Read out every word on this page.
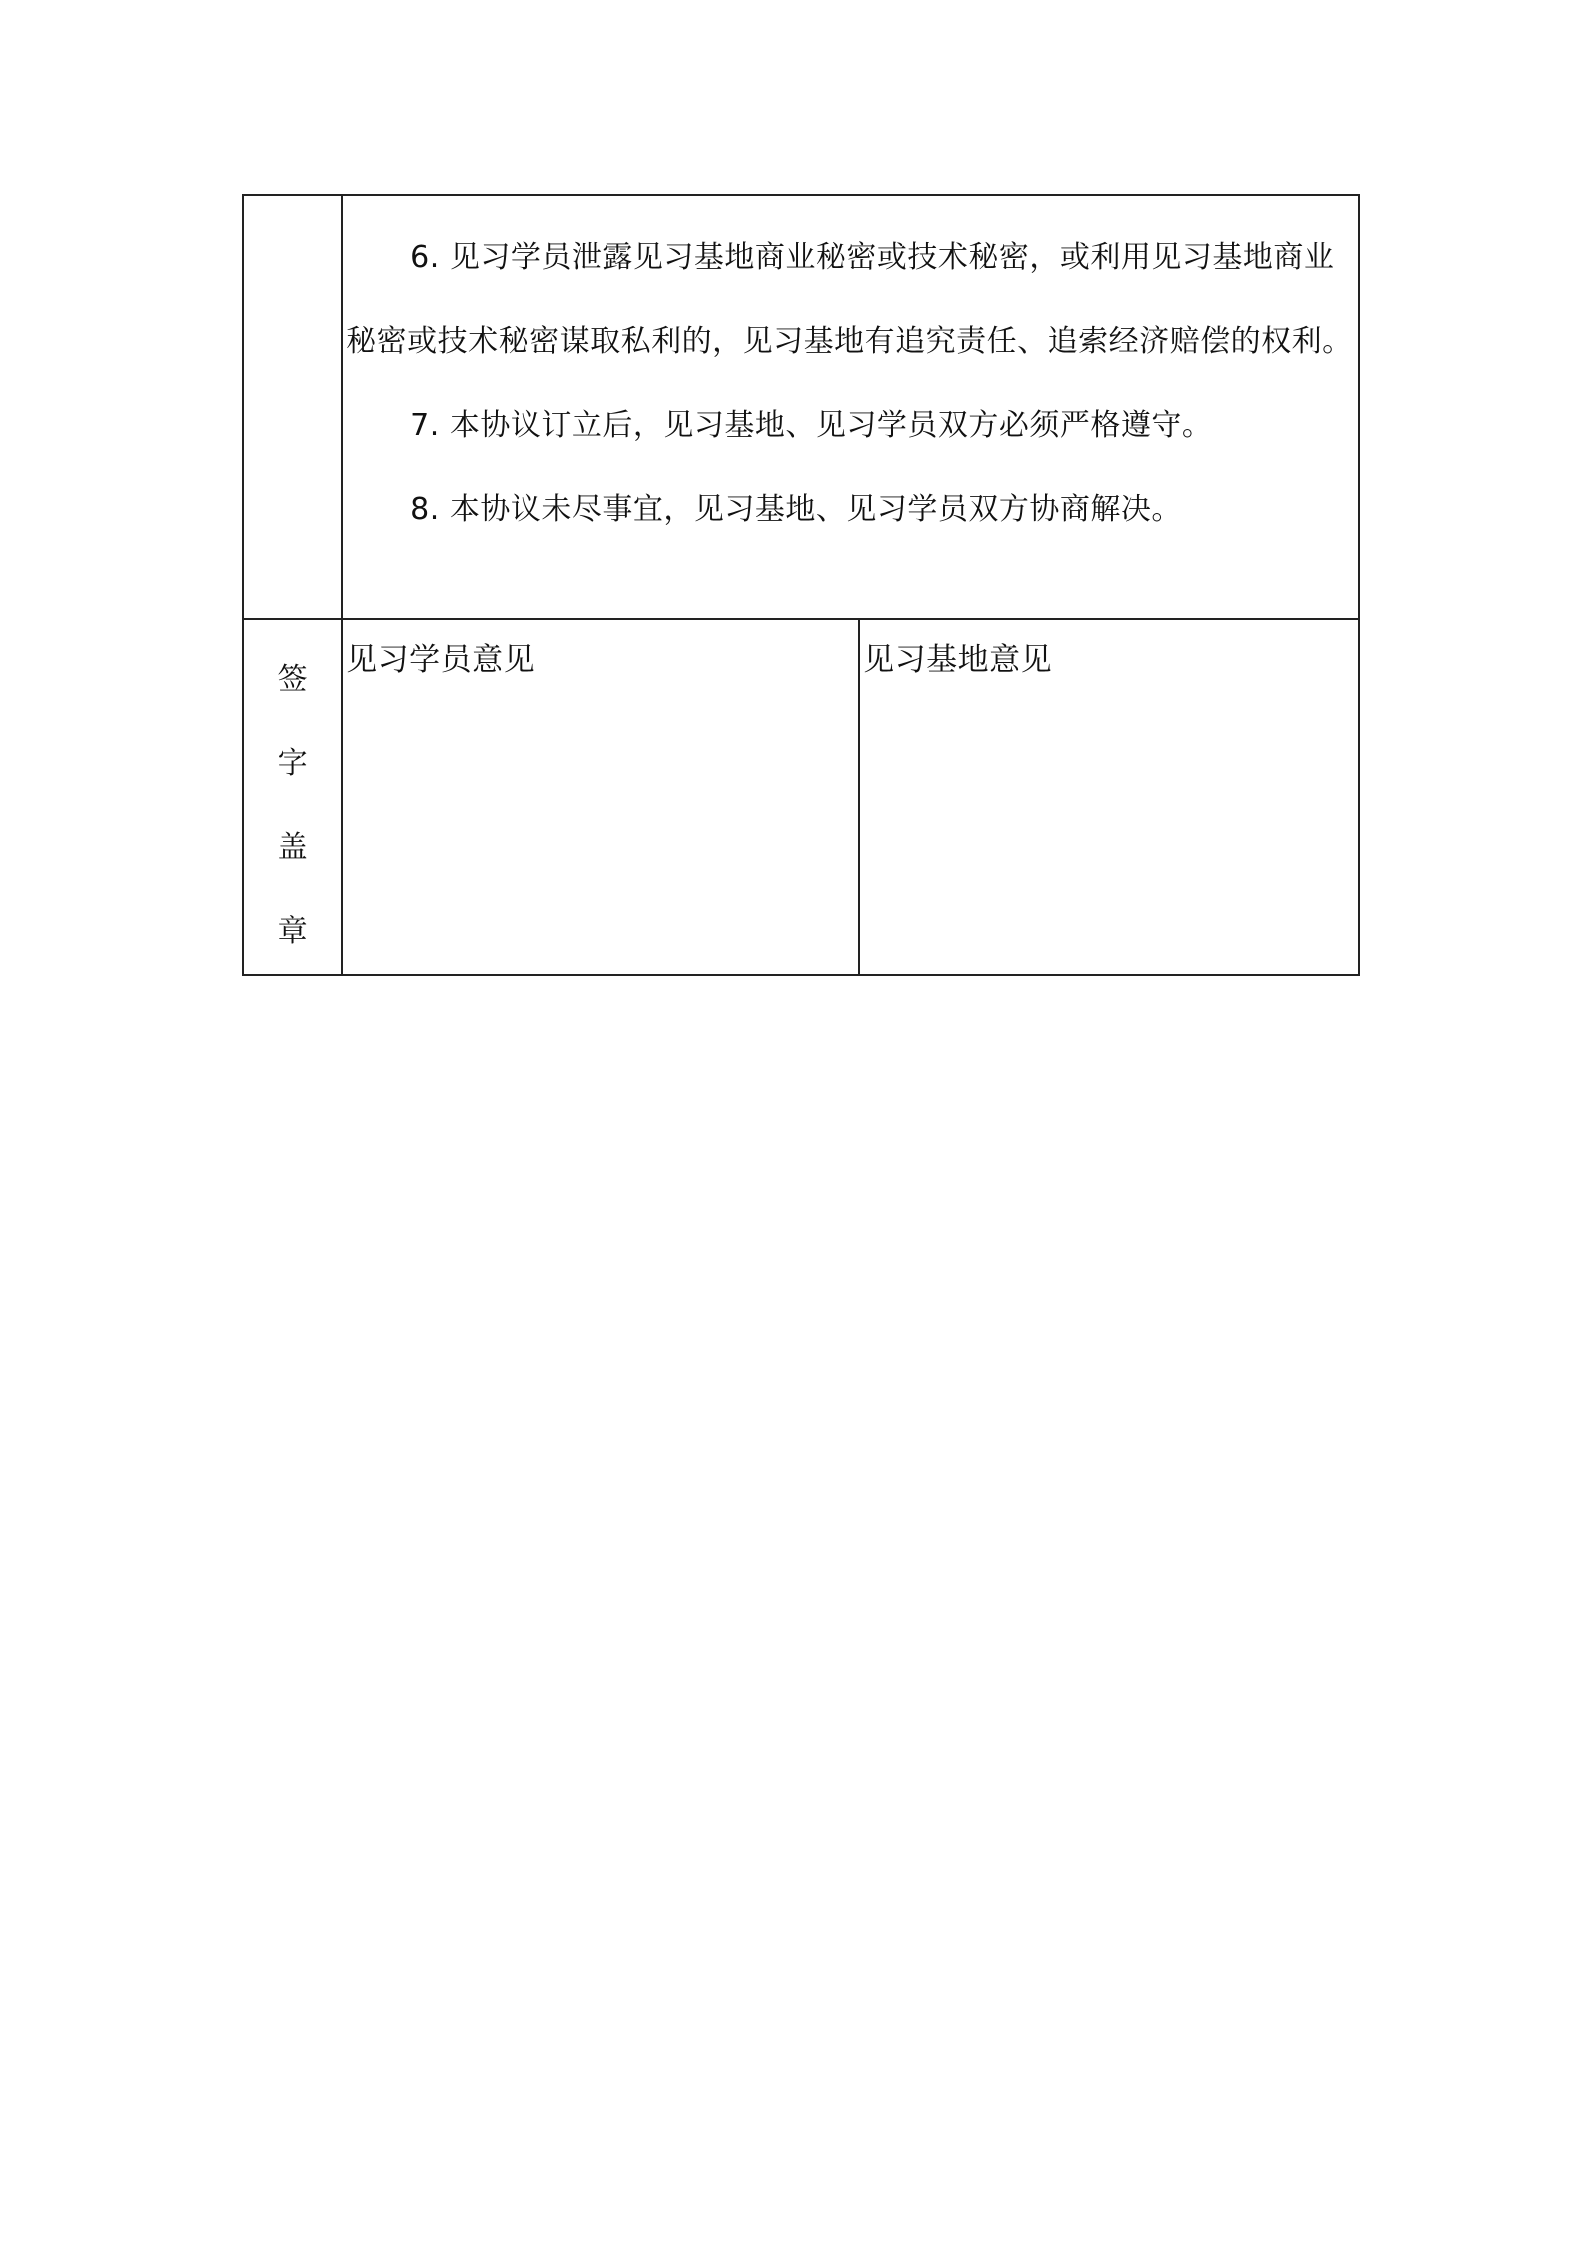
	6. 见习学员泄露见习基地商业秘密或技术秘密，或利用见习基地商业秘密或技术秘密谋取私利的，见习基地有追究责任、追索经济赔偿的权利。

7. 本协议订立后，见习基地、见习学员双方必须严格遵守。

8. 本协议未尽事宜，见习基地、见习学员双方协商解决。	

签
字
盖
章	见习学员意见	见习基地意见
